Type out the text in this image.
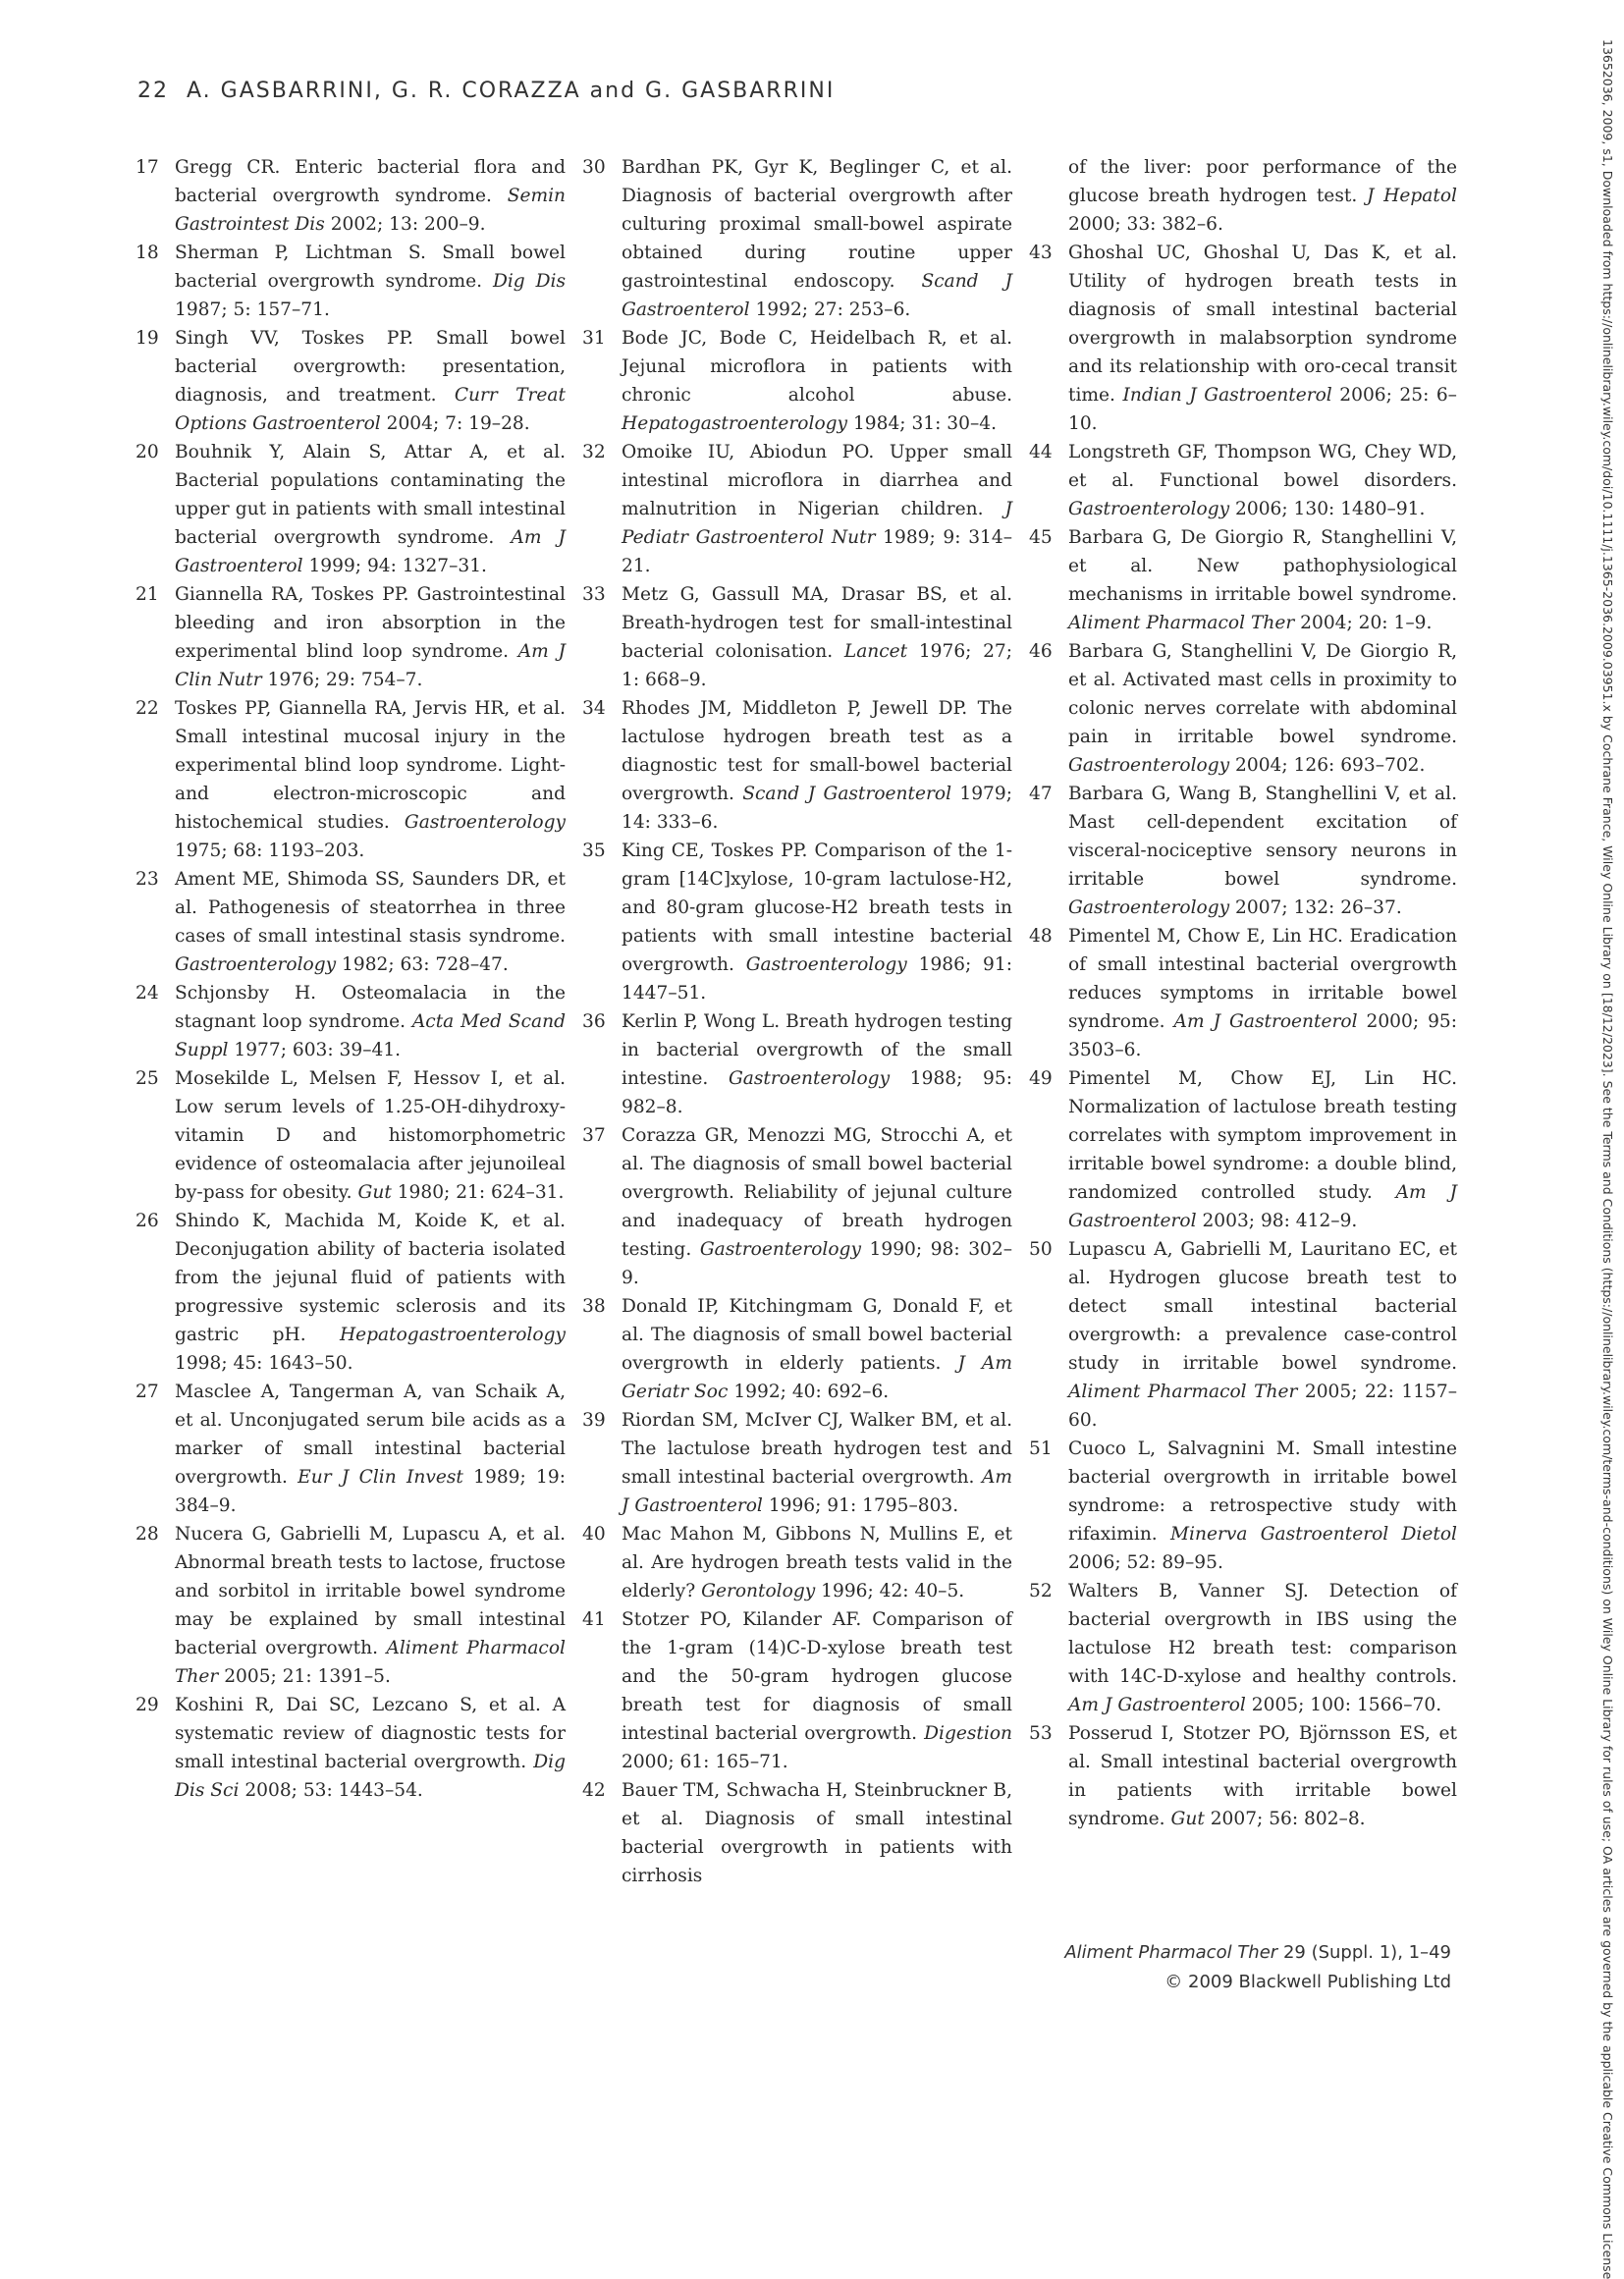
22 A. GASBARRINI, G. R. CORAZZA and G. GASBARRINI
17 Gregg CR. Enteric bacterial flora and bacterial overgrowth syndrome. Semin Gastrointest Dis 2002; 13: 200–9.
18 Sherman P, Lichtman S. Small bowel bacterial overgrowth syndrome. Dig Dis 1987; 5: 157–71.
19 Singh VV, Toskes PP. Small bowel bacterial overgrowth: presentation, diagnosis, and treatment. Curr Treat Options Gastroenterol 2004; 7: 19–28.
20 Bouhnik Y, Alain S, Attar A, et al. Bacterial populations contaminating the upper gut in patients with small intestinal bacterial overgrowth syndrome. Am J Gastroenterol 1999; 94: 1327–31.
21 Giannella RA, Toskes PP. Gastrointestinal bleeding and iron absorption in the experimental blind loop syndrome. Am J Clin Nutr 1976; 29: 754–7.
22 Toskes PP, Giannella RA, Jervis HR, et al. Small intestinal mucosal injury in the experimental blind loop syndrome. Light- and electron-microscopic and histochemical studies. Gastroenterology 1975; 68: 1193–203.
23 Ament ME, Shimoda SS, Saunders DR, et al. Pathogenesis of steatorrhea in three cases of small intestinal stasis syndrome. Gastroenterology 1982; 63: 728–47.
24 Schjonsby H. Osteomalacia in the stagnant loop syndrome. Acta Med Scand Suppl 1977; 603: 39–41.
25 Mosekilde L, Melsen F, Hessov I, et al. Low serum levels of 1.25-OH-dihydroxy-vitamin D and histomorphometric evidence of osteomalacia after jejunoileal by-pass for obesity. Gut 1980; 21: 624–31.
26 Shindo K, Machida M, Koide K, et al. Deconjugation ability of bacteria isolated from the jejunal fluid of patients with progressive systemic sclerosis and its gastric pH. Hepatogastroenterology 1998; 45: 1643–50.
27 Masclee A, Tangerman A, van Schaik A, et al. Unconjugated serum bile acids as a marker of small intestinal bacterial overgrowth. Eur J Clin Invest 1989; 19: 384–9.
28 Nucera G, Gabrielli M, Lupascu A, et al. Abnormal breath tests to lactose, fructose and sorbitol in irritable bowel syndrome may be explained by small intestinal bacterial overgrowth. Aliment Pharmacol Ther 2005; 21: 1391–5.
29 Koshini R, Dai SC, Lezcano S, et al. A systematic review of diagnostic tests for small intestinal bacterial overgrowth. Dig Dis Sci 2008; 53: 1443–54.
30 Bardhan PK, Gyr K, Beglinger C, et al. Diagnosis of bacterial overgrowth after culturing proximal small-bowel aspirate obtained during routine upper gastrointestinal endoscopy. Scand J Gastroenterol 1992; 27: 253–6.
31 Bode JC, Bode C, Heidelbach R, et al. Jejunal microflora in patients with chronic alcohol abuse. Hepatogastroenterology 1984; 31: 30–4.
32 Omoike IU, Abiodun PO. Upper small intestinal microflora in diarrhea and malnutrition in Nigerian children. J Pediatr Gastroenterol Nutr 1989; 9: 314–21.
33 Metz G, Gassull MA, Drasar BS, et al. Breath-hydrogen test for small-intestinal bacterial colonisation. Lancet 1976; 27; 1: 668–9.
34 Rhodes JM, Middleton P, Jewell DP. The lactulose hydrogen breath test as a diagnostic test for small-bowel bacterial overgrowth. Scand J Gastroenterol 1979; 14: 333–6.
35 King CE, Toskes PP. Comparison of the 1-gram [14C]xylose, 10-gram lactulose-H2, and 80-gram glucose-H2 breath tests in patients with small intestine bacterial overgrowth. Gastroenterology 1986; 91: 1447–51.
36 Kerlin P, Wong L. Breath hydrogen testing in bacterial overgrowth of the small intestine. Gastroenterology 1988; 95: 982–8.
37 Corazza GR, Menozzi MG, Strocchi A, et al. The diagnosis of small bowel bacterial overgrowth. Reliability of jejunal culture and inadequacy of breath hydrogen testing. Gastroenterology 1990; 98: 302–9.
38 Donald IP, Kitchingmam G, Donald F, et al. The diagnosis of small bowel bacterial overgrowth in elderly patients. J Am Geriatr Soc 1992; 40: 692–6.
39 Riordan SM, McIver CJ, Walker BM, et al. The lactulose breath hydrogen test and small intestinal bacterial overgrowth. Am J Gastroenterol 1996; 91: 1795–803.
40 Mac Mahon M, Gibbons N, Mullins E, et al. Are hydrogen breath tests valid in the elderly? Gerontology 1996; 42: 40–5.
41 Stotzer PO, Kilander AF. Comparison of the 1-gram (14)C-D-xylose breath test and the 50-gram hydrogen glucose breath test for diagnosis of small intestinal bacterial overgrowth. Digestion 2000; 61: 165–71.
42 Bauer TM, Schwacha H, Steinbruckner B, et al. Diagnosis of small intestinal bacterial overgrowth in patients with cirrhosis
of the liver: poor performance of the glucose breath hydrogen test. J Hepatol 2000; 33: 382–6.
43 Ghoshal UC, Ghoshal U, Das K, et al. Utility of hydrogen breath tests in diagnosis of small intestinal bacterial overgrowth in malabsorption syndrome and its relationship with oro-cecal transit time. Indian J Gastroenterol 2006; 25: 6–10.
44 Longstreth GF, Thompson WG, Chey WD, et al. Functional bowel disorders. Gastroenterology 2006; 130: 1480–91.
45 Barbara G, De Giorgio R, Stanghellini V, et al. New pathophysiological mechanisms in irritable bowel syndrome. Aliment Pharmacol Ther 2004; 20: 1–9.
46 Barbara G, Stanghellini V, De Giorgio R, et al. Activated mast cells in proximity to colonic nerves correlate with abdominal pain in irritable bowel syndrome. Gastroenterology 2004; 126: 693–702.
47 Barbara G, Wang B, Stanghellini V, et al. Mast cell-dependent excitation of visceral-nociceptive sensory neurons in irritable bowel syndrome. Gastroenterology 2007; 132: 26–37.
48 Pimentel M, Chow E, Lin HC. Eradication of small intestinal bacterial overgrowth reduces symptoms in irritable bowel syndrome. Am J Gastroenterol 2000; 95: 3503–6.
49 Pimentel M, Chow EJ, Lin HC. Normalization of lactulose breath testing correlates with symptom improvement in irritable bowel syndrome: a double blind, randomized controlled study. Am J Gastroenterol 2003; 98: 412–9.
50 Lupascu A, Gabrielli M, Lauritano EC, et al. Hydrogen glucose breath test to detect small intestinal bacterial overgrowth: a prevalence case-control study in irritable bowel syndrome. Aliment Pharmacol Ther 2005; 22: 1157–60.
51 Cuoco L, Salvagnini M. Small intestine bacterial overgrowth in irritable bowel syndrome: a retrospective study with rifaximin. Minerva Gastroenterol Dietol 2006; 52: 89–95.
52 Walters B, Vanner SJ. Detection of bacterial overgrowth in IBS using the lactulose H2 breath test: comparison with 14C-D-xylose and healthy controls. Am J Gastroenterol 2005; 100: 1566–70.
53 Posserud I, Stotzer PO, Björnsson ES, et al. Small intestinal bacterial overgrowth in patients with irritable bowel syndrome. Gut 2007; 56: 802–8.
Aliment Pharmacol Ther 29 (Suppl. 1), 1–49
© 2009 Blackwell Publishing Ltd	13652036, 2009, s1, Downloaded from https://onlinelibrary.wiley.com/doi/10.1111/j.1365-2036.2009.03951.x by Cochrane France, Wiley Online Library on [18/12/2023]. See the Terms and Conditions (https://onlinelibrary.wiley.com/terms-and-conditions) on Wiley Online Library for rules of use; OA articles are governed by the applicable Creative Commons License
